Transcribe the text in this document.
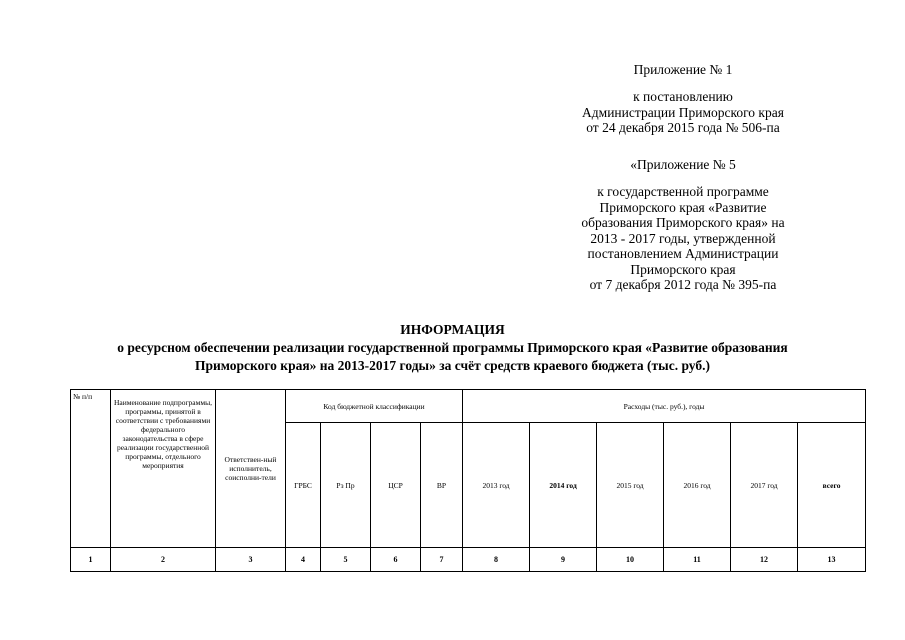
Приложение № 1
к постановлению
Администрации Приморского края
от 24 декабря 2015 года № 506-па
«Приложение № 5
к государственной программе
Приморского края «Развитие
образования Приморского края» на
2013 - 2017 годы, утвержденной
постановлением Администрации
Приморского края
от 7 декабря 2012 года № 395-па
ИНФОРМАЦИЯ
о ресурсном обеспечении реализации государственной программы Приморского края «Развитие образования
Приморского края» на 2013-2017 годы» за счёт средств краевого бюджета (тыс. руб.)
№ п/п	Наименование подпрограммы, программы, принятой в соответствии с требованиями федерального законодательства в сфере реализации государственной программы, отдельного мероприятия	Ответствен-ный исполнитель, соисполни-тели	Код бюджетной классификации				Расходы (тыс. руб.), годы					
			ГРБС	Рз Пр	ЦСР	ВР	2013 год	2014 год	2015 год	2016 год	2017 год	всего
1	2	3	4	5	6	7	8	9	10	11	12	13
